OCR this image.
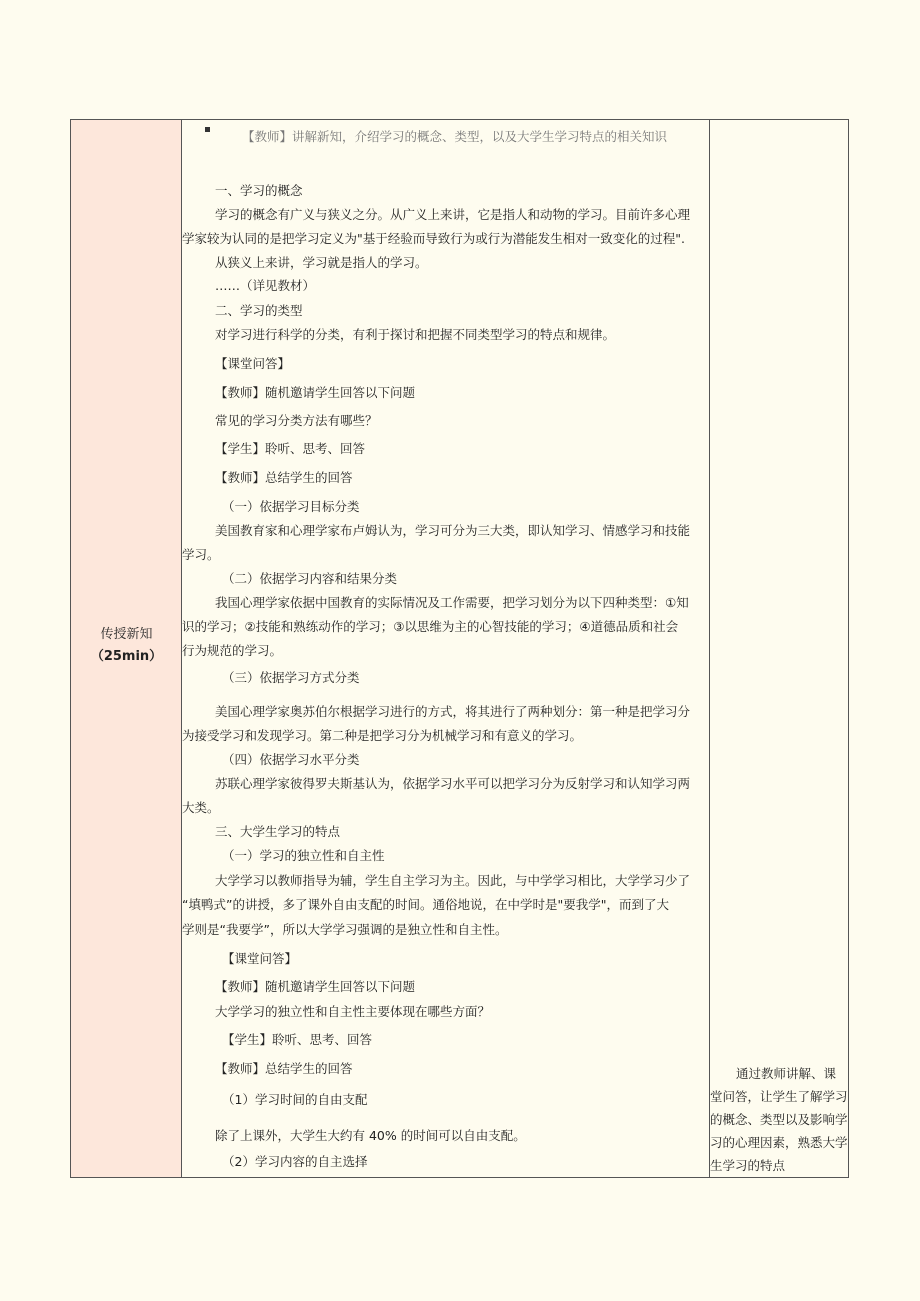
传授新知
（25min）
【教师】讲解新知，介绍学习的概念、类型，以及大学生学习特点的相关知识
一、学习的概念
学习的概念有广义与狭义之分。从广义上来讲，它是指人和动物的学习。目前许多心理
学家较为认同的是把学习定义为"基于经验而导致行为或行为潜能发生相对一致变化的过程".
从狭义上来讲，学习就是指人的学习。
……（详见教材）
二、学习的类型
对学习进行科学的分类，有利于探讨和把握不同类型学习的特点和规律。
【课堂问答】
【教师】随机邀请学生回答以下问题
常见的学习分类方法有哪些？
【学生】聆听、思考、回答
【教师】总结学生的回答
（一）依据学习目标分类
美国教育家和心理学家布卢姆认为，学习可分为三大类，即认知学习、情感学习和技能
学习。
（二）依据学习内容和结果分类
我国心理学家依据中国教育的实际情况及工作需要，把学习划分为以下四种类型：①知
识的学习；②技能和熟练动作的学习；③以思维为主的心智技能的学习；④道德品质和社会
行为规范的学习。
（三）依据学习方式分类
美国心理学家奥苏伯尔根据学习进行的方式，将其进行了两种划分：第一种是把学习分
为接受学习和发现学习。第二种是把学习分为机械学习和有意义的学习。
（四）依据学习水平分类
苏联心理学家彼得罗夫斯基认为，依据学习水平可以把学习分为反射学习和认知学习两
大类。
三、大学生学习的特点
（一）学习的独立性和自主性
大学学习以教师指导为辅，学生自主学习为主。因此，与中学学习相比，大学学习少了
“填鸭式”的讲授，多了课外自由支配的时间。通俗地说，在中学时是"要我学"，而到了大
学则是“我要学”，所以大学学习强调的是独立性和自主性。
【课堂问答】
【教师】随机邀请学生回答以下问题
大学学习的独立性和自主性主要体现在哪些方面？
【学生】聆听、思考、回答
【教师】总结学生的回答
（1）学习时间的自由支配
除了上课外，大学生大约有 40% 的时间可以自由支配。
（2）学习内容的自主选择
通过教师讲解、课堂问答，让学生了解学习的概念、类型以及影响学习的心理因素，熟悉大学生学习的特点
